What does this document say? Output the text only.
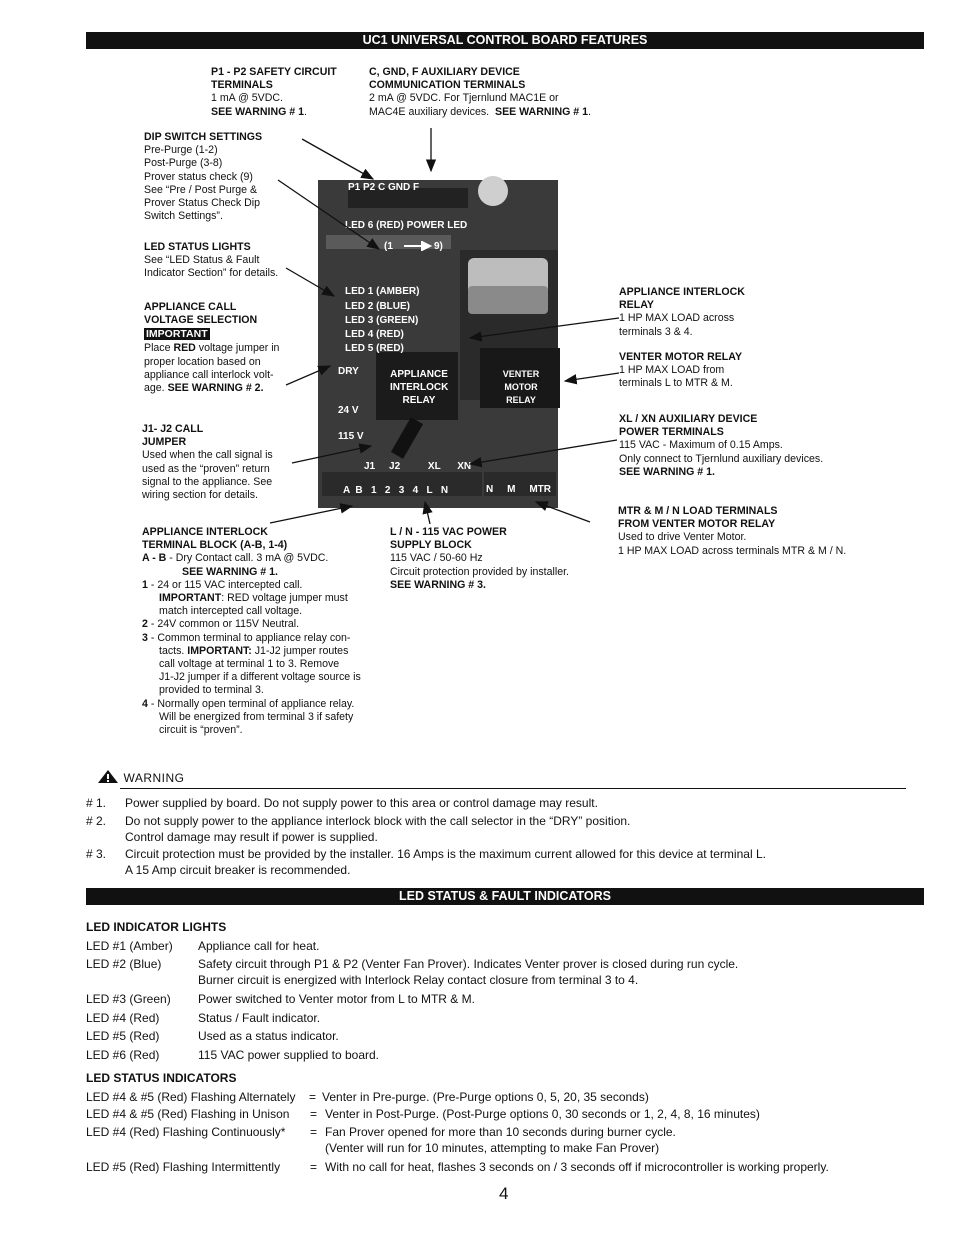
UC1 UNIVERSAL CONTROL BOARD FEATURES
P1 - P2 SAFETY CIRCUIT TERMINALS
1 mA @ 5VDC.
SEE WARNING # 1.
C, GND, F AUXILIARY DEVICE
COMMUNICATION TERMINALS
2 mA @ 5VDC. For Tjernlund MAC1E or
MAC4E auxiliary devices. SEE WARNING # 1.
DIP SWITCH SETTINGS
Pre-Purge (1-2)
Post-Purge (3-8)
Prover status check (9)
See “Pre / Post Purge &
Prover Status Check Dip
Switch Settings”.
LED STATUS LIGHTS
See “LED Status & Fault
Indicator Section” for details.
APPLIANCE CALL
VOLTAGE SELECTION
IMPORTANT
Place RED voltage jumper in
proper location based on
appliance call interlock volt-
age. SEE WARNING # 2.
J1- J2 CALL
JUMPER
Used when the call signal is
used as the “proven” return
signal to the appliance. See
wiring section for details.
APPLIANCE INTERLOCK
TERMINAL BLOCK (A-B, 1-4)
A - B - Dry Contact call. 3 mA @ 5VDC.
SEE WARNING # 1.
1 - 24 or 115 VAC intercepted call.
IMPORTANT: RED voltage jumper must
match intercepted call voltage.
2 - 24V common or 115V Neutral.
3 - Common terminal to appliance relay con-
tacts. IMPORTANT: J1-J2 jumper routes
call voltage at terminal 1 to 3. Remove
J1-J2 jumper if a different voltage source is
provided to terminal 3.
4 - Normally open terminal of appliance relay.
Will be energized from terminal 3 if safety
circuit is “proven”.
L / N - 115 VAC POWER
SUPPLY BLOCK
115 VAC / 50-60 Hz
Circuit protection provided by installer.
SEE WARNING # 3.
APPLIANCE INTERLOCK
RELAY
1 HP MAX LOAD across
terminals 3 & 4.
VENTER MOTOR RELAY
1 HP MAX LOAD from
terminals L to MTR & M.
XL / XN AUXILIARY DEVICE
POWER TERMINALS
115 VAC - Maximum of 0.15 Amps.
Only connect to Tjernlund auxiliary devices.
SEE WARNING # 1.
MTR & M / N LOAD TERMINALS
FROM VENTER MOTOR RELAY
Used to drive Venter Motor.
1 HP MAX LOAD across terminals MTR & M / N.
P1 P2 C GND F
LED 6 (RED) POWER LED
(1	9)
LED 1 (AMBER)
LED 2 (BLUE)
LED 3 (GREEN)
LED 4 (RED)
LED 5 (RED)
DRY
24 V
115 V
APPLIANCE
INTERLOCK
RELAY
VENTER
MOTOR
RELAY
J1     J2          XL      XN
A  B   1   2   3   4   L   N	N     M     MTR
WARNING
# 1. Power supplied by board. Do not supply power to this area or control damage may result.
# 2. Do not supply power to the appliance interlock block with the call selector in the “DRY” position.
Control damage may result if power is supplied.
# 3. Circuit protection must be provided by the installer. 16 Amps is the maximum current allowed for this device at terminal L.
A 15 Amp circuit breaker is recommended.
LED STATUS & FAULT INDICATORS
LED INDICATOR LIGHTS
LED #1 (Amber) Appliance call for heat.
LED #2 (Blue)	Safety circuit through P1 & P2 (Venter Fan Prover). Indicates Venter prover is closed during run cycle.
Burner circuit is energized with Interlock Relay contact closure from terminal 3 to 4.
LED #3 (Green) Power switched to Venter motor from L to MTR & M.
LED #4 (Red)	Status / Fault indicator.
LED #5 (Red)	Used as a status indicator.
LED #6 (Red)	115 VAC power supplied to board.
LED STATUS INDICATORS
LED #4 & #5 (Red) Flashing Alternately = Venter in Pre-purge. (Pre-Purge options 0, 5, 20, 35 seconds)
LED #4 & #5 (Red) Flashing in Unison = Venter in Post-Purge. (Post-Purge options 0, 30 seconds or 1, 2, 4, 8, 16 minutes)
LED #4 (Red) Flashing Continuously* = Fan Prover opened for more than 10 seconds during burner cycle.
(Venter will run for 10 minutes, attempting to make Fan Prover)
LED #5 (Red) Flashing Intermittently = With no call for heat, flashes 3 seconds on / 3 seconds off if microcontroller is working properly.
4
